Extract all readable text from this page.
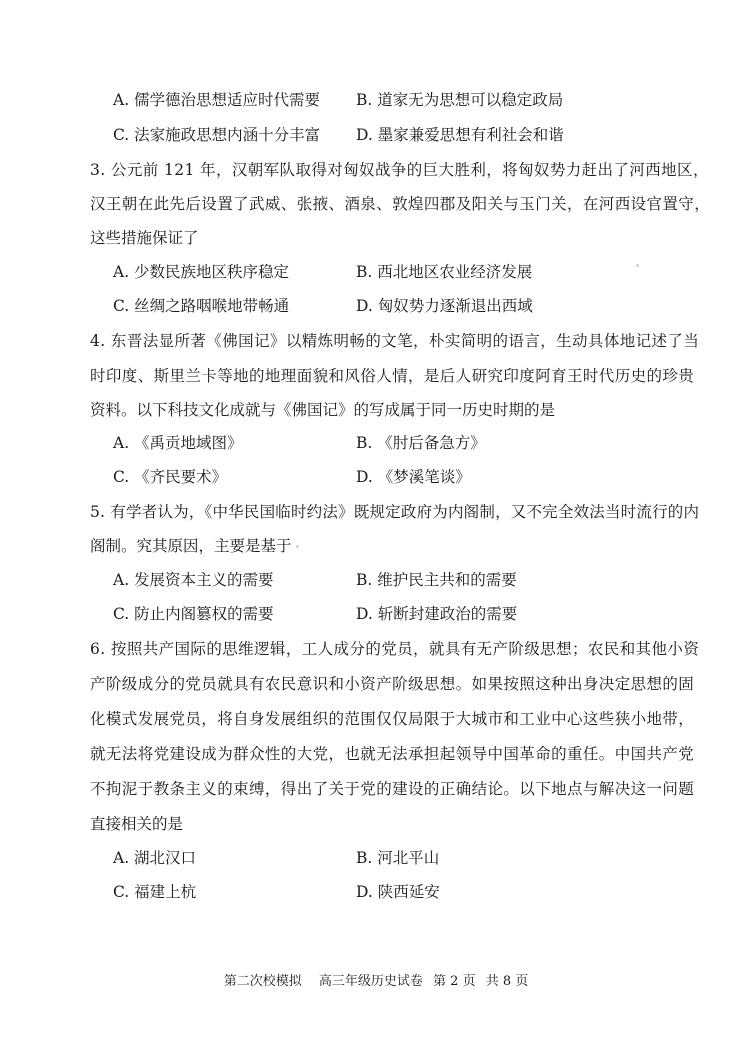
A. 儒学德治思想适应时代需要 B. 道家无为思想可以稳定政局
C. 法家施政思想内涵十分丰富 D. 墨家兼爱思想有利社会和谐
3. 公元前 121 年，汉朝军队取得对匈奴战争的巨大胜利，将匈奴势力赶出了河西地区，
汉王朝在此先后设置了武威、张掖、酒泉、敦煌四郡及阳关与玉门关，在河西设官置守，
这些措施保证了
A. 少数民族地区秩序稳定	B. 西北地区农业经济发展
C. 丝绸之路咽喉地带畅通	D. 匈奴势力逐渐退出西域
4. 东晋法显所著《佛国记》以精炼明畅的文笔，朴实简明的语言，生动具体地记述了当
时印度、斯里兰卡等地的地理面貌和风俗人情，是后人研究印度阿育王时代历史的珍贵
资料。以下科技文化成就与《佛国记》的写成属于同一历史时期的是
A. 《禹贡地域图》	B. 《肘后备急方》
C. 《齐民要术》	D. 《梦溪笔谈》
5. 有学者认为，《中华民国临时约法》既规定政府为内阁制，又不完全效法当时流行的内
阁制。究其原因，主要是基于
A. 发展资本主义的需要	B. 维护民主共和的需要
C. 防止内阁篡权的需要	D. 斩断封建政治的需要
6. 按照共产国际的思维逻辑，工人成分的党员，就具有无产阶级思想；农民和其他小资
产阶级成分的党员就具有农民意识和小资产阶级思想。如果按照这种出身决定思想的固
化模式发展党员，将自身发展组织的范围仅仅局限于大城市和工业中心这些狭小地带，
就无法将党建设成为群众性的大党，也就无法承担起领导中国革命的重任。中国共产党
不拘泥于教条主义的束缚，得出了关于党的建设的正确结论。以下地点与解决这一问题
直接相关的是
A. 湖北汉口	B. 河北平山
C. 福建上杭	D. 陕西延安
第二次校模拟 高三年级历史试卷 第 2 页 共 8 页
